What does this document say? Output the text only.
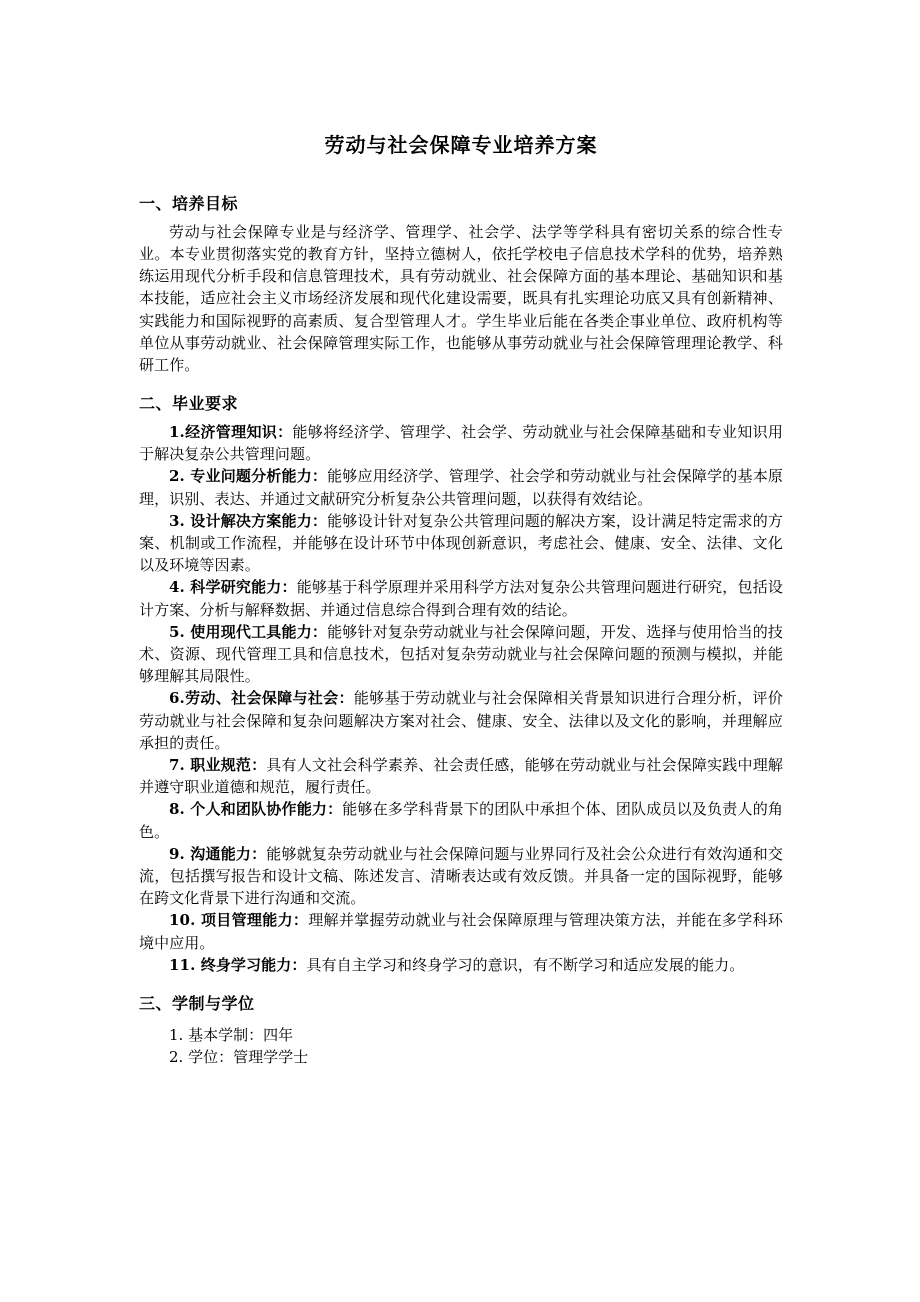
劳动与社会保障专业培养方案
一、培养目标

劳动与社会保障专业是与经济学、管理学、社会学、法学等学科具有密切关系的综合性专业。本专业贯彻落实党的教育方针，坚持立德树人，依托学校电子信息技术学科的优势，培养熟练运用现代分析手段和信息管理技术，具有劳动就业、社会保障方面的基本理论、基础知识和基本技能，适应社会主义市场经济发展和现代化建设需要，既具有扎实理论功底又具有创新精神、实践能力和国际视野的高素质、复合型管理人才。学生毕业后能在各类企事业单位、政府机构等单位从事劳动就业、社会保障管理实际工作，也能够从事劳动就业与社会保障管理理论教学、科研工作。

二、毕业要求

1.经济管理知识：能够将经济学、管理学、社会学、劳动就业与社会保障基础和专业知识用于解决复杂公共管理问题。

2. 专业问题分析能力：能够应用经济学、管理学、社会学和劳动就业与社会保障学的基本原理，识别、表达、并通过文献研究分析复杂公共管理问题，以获得有效结论。

3. 设计解决方案能力：能够设计针对复杂公共管理问题的解决方案，设计满足特定需求的方案、机制或工作流程，并能够在设计环节中体现创新意识，考虑社会、健康、安全、法律、文化以及环境等因素。

4. 科学研究能力：能够基于科学原理并采用科学方法对复杂公共管理问题进行研究，包括设计方案、分析与解释数据、并通过信息综合得到合理有效的结论。

5. 使用现代工具能力：能够针对复杂劳动就业与社会保障问题，开发、选择与使用恰当的技术、资源、现代管理工具和信息技术，包括对复杂劳动就业与社会保障问题的预测与模拟，并能够理解其局限性。

6.劳动、社会保障与社会：能够基于劳动就业与社会保障相关背景知识进行合理分析，评价劳动就业与社会保障和复杂问题解决方案对社会、健康、安全、法律以及文化的影响，并理解应承担的责任。

7. 职业规范：具有人文社会科学素养、社会责任感，能够在劳动就业与社会保障实践中理解并遵守职业道德和规范，履行责任。

8. 个人和团队协作能力：能够在多学科背景下的团队中承担个体、团队成员以及负责人的角色。

9. 沟通能力：能够就复杂劳动就业与社会保障问题与业界同行及社会公众进行有效沟通和交流，包括撰写报告和设计文稿、陈述发言、清晰表达或有效反馈。并具备一定的国际视野，能够在跨文化背景下进行沟通和交流。

10. 项目管理能力：理解并掌握劳动就业与社会保障原理与管理决策方法，并能在多学科环境中应用。

11. 终身学习能力：具有自主学习和终身学习的意识，有不断学习和适应发展的能力。

三、学制与学位
1. 基本学制：四年
2. 学位：管理学学士
